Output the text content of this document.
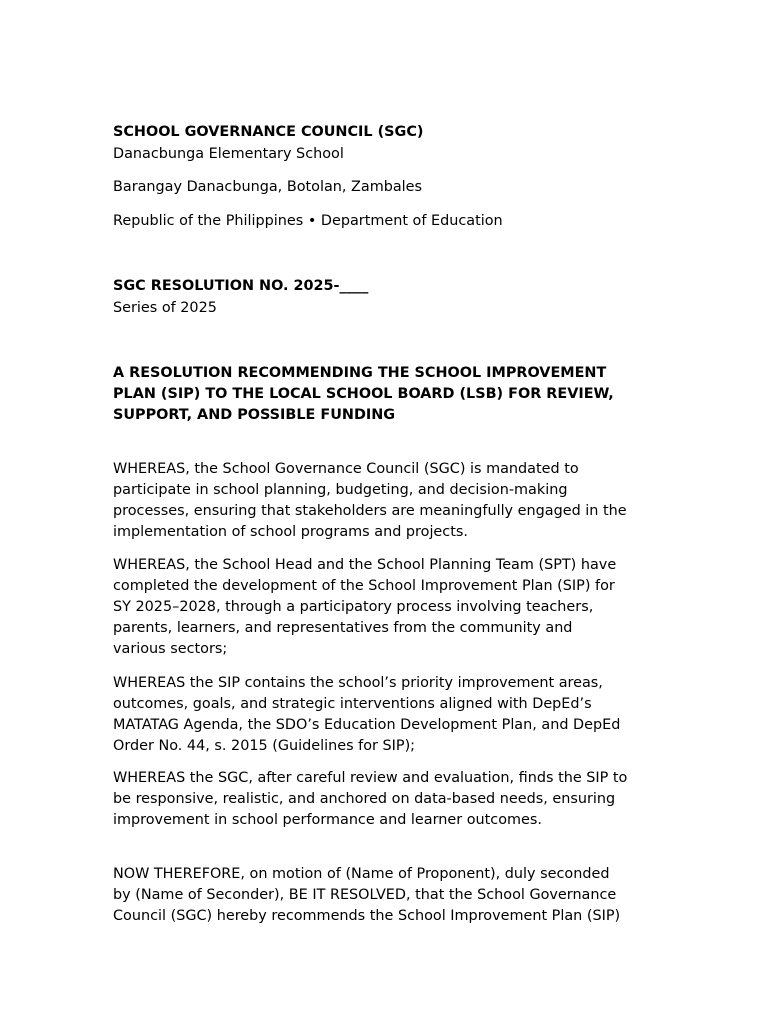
SCHOOL GOVERNANCE COUNCIL (SGC)
Danacbunga Elementary School
Barangay Danacbunga, Botolan, Zambales
Republic of the Philippines • Department of Education
SGC RESOLUTION NO. 2025-____
Series of 2025
A RESOLUTION RECOMMENDING THE SCHOOL IMPROVEMENT
PLAN (SIP) TO THE LOCAL SCHOOL BOARD (LSB) FOR REVIEW,
SUPPORT, AND POSSIBLE FUNDING
WHEREAS, the School Governance Council (SGC) is mandated to
participate in school planning, budgeting, and decision-making
processes, ensuring that stakeholders are meaningfully engaged in the
implementation of school programs and projects.
WHEREAS, the School Head and the School Planning Team (SPT) have
completed the development of the School Improvement Plan (SIP) for
SY 2025–2028, through a participatory process involving teachers,
parents, learners, and representatives from the community and
various sectors;
WHEREAS the SIP contains the school’s priority improvement areas,
outcomes, goals, and strategic interventions aligned with DepEd’s
MATATAG Agenda, the SDO’s Education Development Plan, and DepEd
Order No. 44, s. 2015 (Guidelines for SIP);
WHEREAS the SGC, after careful review and evaluation, finds the SIP to
be responsive, realistic, and anchored on data-based needs, ensuring
improvement in school performance and learner outcomes.
NOW THEREFORE, on motion of (Name of Proponent), duly seconded
by (Name of Seconder), BE IT RESOLVED, that the School Governance
Council (SGC) hereby recommends the School Improvement Plan (SIP)
